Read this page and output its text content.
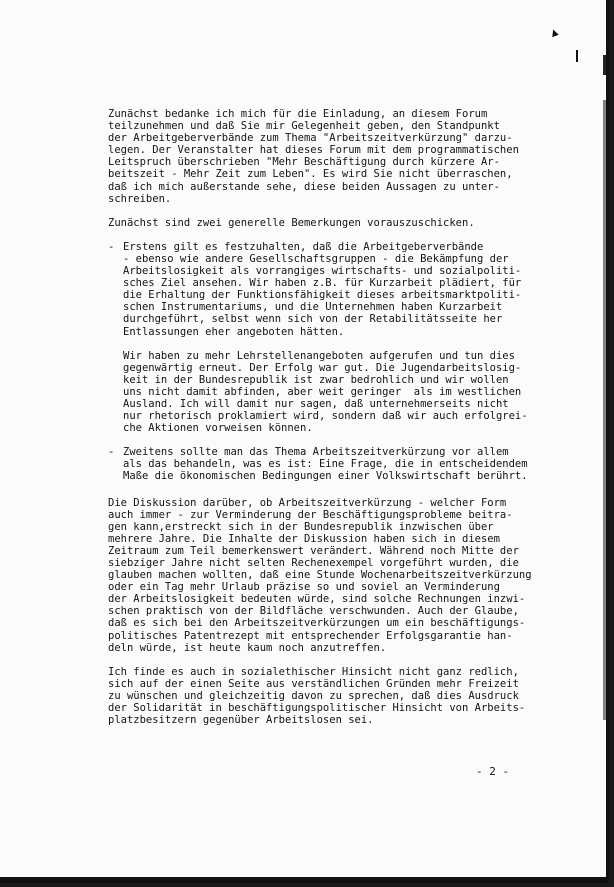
▲
Zunächst bedanke ich mich für die Einladung, an diesem Forum
teilzunehmen und daß Sie mir Gelegenheit geben, den Standpunkt
der Arbeitgeberverbände zum Thema "Arbeitszeitverkürzung" darzu-
legen. Der Veranstalter hat dieses Forum mit dem programmatischen
Leitspruch überschrieben "Mehr Beschäftigung durch kürzere Ar-
beitszeit - Mehr Zeit zum Leben". Es wird Sie nicht überraschen,
daß ich mich außerstande sehe, diese beiden Aussagen zu unter-
schreiben.
Zunächst sind zwei generelle Bemerkungen vorauszuschicken.
- Erstens gilt es festzuhalten, daß die Arbeitgeberverbände
- ebenso wie andere Gesellschaftsgruppen - die Bekämpfung der
Arbeitslosigkeit als vorrangiges wirtschafts- und sozialpoliti-
sches Ziel ansehen. Wir haben z.B. für Kurzarbeit plädiert, für
die Erhaltung der Funktionsfähigkeit dieses arbeitsmarktpoliti-
schen Instrumentariums, und die Unternehmen haben Kurzarbeit
durchgeführt, selbst wenn sich von der Retabilitätsseite her
Entlassungen eher angeboten hätten.
Wir haben zu mehr Lehrstellenangeboten aufgerufen und tun dies
gegenwärtig erneut. Der Erfolg war gut. Die Jugendarbeitslosig-
keit in der Bundesrepublik ist zwar bedrohlich und wir wollen
uns nicht damit abfinden, aber weit geringer  als im westlichen
Ausland. Ich will damit nur sagen, daß unternehmerseits nicht
nur rhetorisch proklamiert wird, sondern daß wir auch erfolgrei-
che Aktionen vorweisen können.
- Zweitens sollte man das Thema Arbeitszeitverkürzung vor allem
als das behandeln, was es ist: Eine Frage, die in entscheidendem
Maße die ökonomischen Bedingungen einer Volkswirtschaft berührt.
Die Diskussion darüber, ob Arbeitszeitverkürzung - welcher Form
auch immer - zur Verminderung der Beschäftigungsprobleme beitra-
gen kann,erstreckt sich in der Bundesrepublik inzwischen über
mehrere Jahre. Die Inhalte der Diskussion haben sich in diesem
Zeitraum zum Teil bemerkenswert verändert. Während noch Mitte der
siebziger Jahre nicht selten Rechenexempel vorgeführt wurden, die
glauben machen wollten, daß eine Stunde Wochenarbeitszeitverkürzung
oder ein Tag mehr Urlaub präzise so und soviel an Verminderung
der Arbeitslosigkeit bedeuten würde, sind solche Rechnungen inzwi-
schen praktisch von der Bildfläche verschwunden. Auch der Glaube,
daß es sich bei den Arbeitszeitverkürzungen um ein beschäftigungs-
politisches Patentrezept mit entsprechender Erfolgsgarantie han-
deln würde, ist heute kaum noch anzutreffen.
Ich finde es auch in sozialethischer Hinsicht nicht ganz redlich,
sich auf der einen Seite aus verständlichen Gründen mehr Freizeit
zu wünschen und gleichzeitig davon zu sprechen, daß dies Ausdruck
der Solidarität in beschäftigungspolitischer Hinsicht von Arbeits-
platzbesitzern gegenüber Arbeitslosen sei.
- 2 -
